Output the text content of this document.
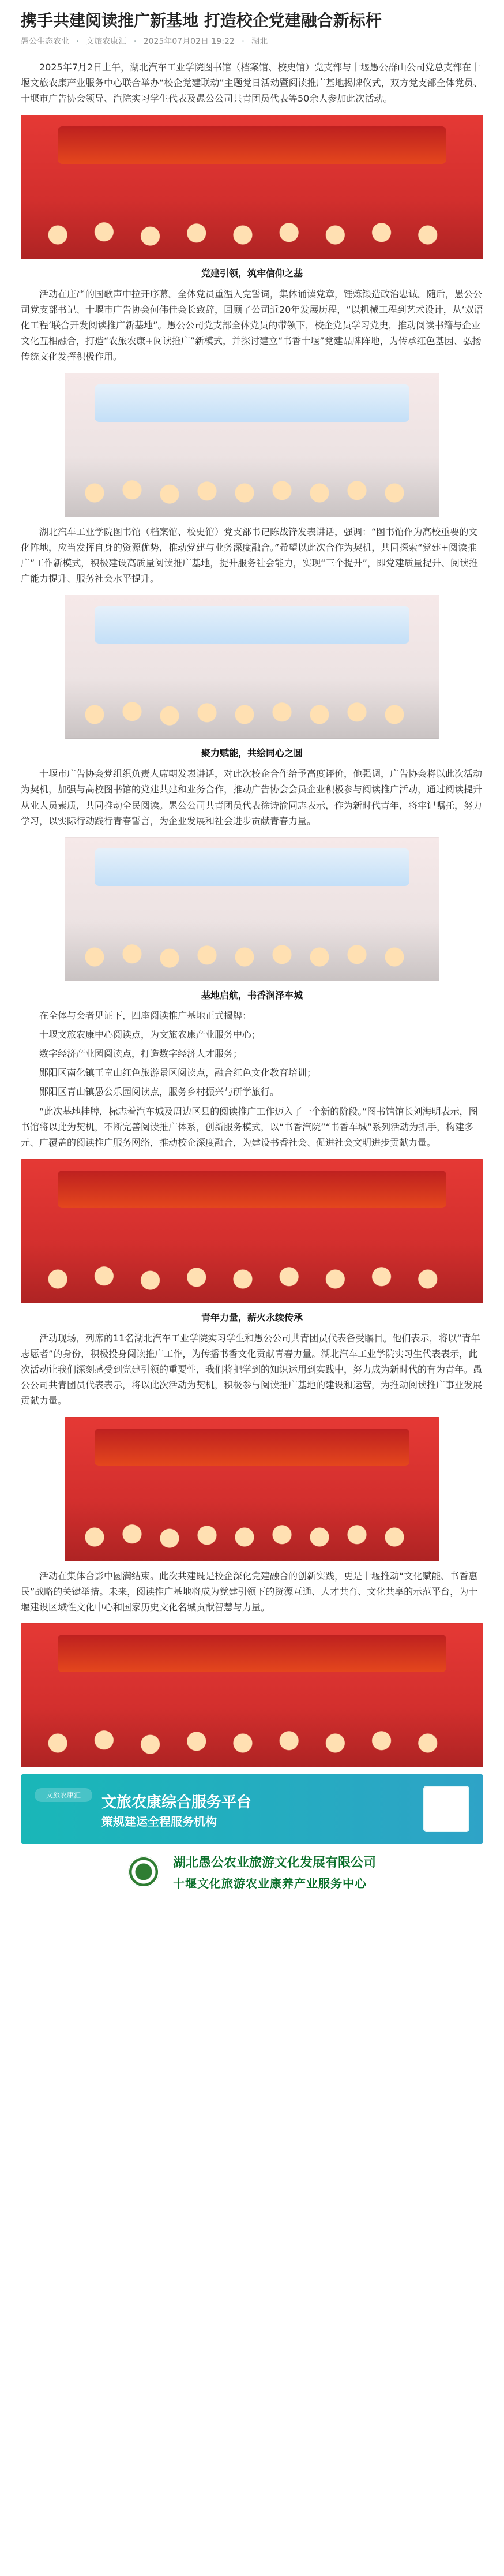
携手共建阅读推广新基地 打造校企党建融合新标杆
愚公生态农业 · 文旅农康汇 · 2025年07月02日 19:22 · 湖北

2025年7月2日上午，湖北汽车工业学院图书馆（档案馆、校史馆）党支部与十堰愚公群山公司党总支部在十堰文旅农康产业服务中心联合举办“校企党建联动”主题党日活动暨阅读推广基地揭牌仪式，双方党支部全体党员、十堰市广告协会领导、汽院实习学生代表及愚公公司共青团员代表等50余人参加此次活动。

党建引领，筑牢信仰之基

活动在庄严的国歌声中拉开序幕。全体党员重温入党誓词，集体诵读党章，锤炼锻造政治忠诚。随后，愚公公司党支部书记、十堰市广告协会何伟佳会长致辞，回顾了公司近20年发展历程，“以机械工程到艺术设计，从‘双语化工程’联合开发阅读推广新基地”。愚公公司党支部全体党员的带领下，校企党员学习党史，推动阅读书籍与企业文化互相融合，打造“农旅农康+阅读推广”新模式，并探讨建立“书香十堰”党建品牌阵地，为传承红色基因、弘扬传统文化发挥积极作用。

湖北汽车工业学院图书馆（档案馆、校史馆）党支部书记陈战锋发表讲话，强调：“图书馆作为高校重要的文化阵地，应当发挥自身的资源优势，推动党建与业务深度融合。”希望以此次合作为契机，共同探索“党建+阅读推广”工作新模式，积极建设高质量阅读推广基地，提升服务社会能力，实现“三个提升”，即党建质量提升、阅读推广能力提升、服务社会水平提升。

聚力赋能，共绘同心之圆

十堰市广告协会党组织负责人席朝发表讲话，对此次校企合作给予高度评价，他强调，广告协会将以此次活动为契机，加强与高校图书馆的党建共建和业务合作，推动广告协会会员企业积极参与阅读推广活动，通过阅读提升从业人员素质，共同推动全民阅读。愚公公司共青团员代表徐诗渝同志表示，作为新时代青年，将牢记嘱托，努力学习，以实际行动践行青春誓言，为企业发展和社会进步贡献青春力量。

基地启航，书香润泽车城

在全体与会者见证下，四座阅读推广基地正式揭牌：

十堰文旅农康中心阅读点，为文旅农康产业服务中心；

数字经济产业园阅读点，打造数字经济人才服务；

郧阳区南化镇王童山红色旅游景区阅读点，融合红色文化教育培训；

郧阳区青山镇愚公乐园阅读点，服务乡村振兴与研学旅行。

“此次基地挂牌，标志着汽车城及周边区县的阅读推广工作迈入了一个新的阶段。”图书馆馆长刘海明表示，图书馆将以此为契机，不断完善阅读推广体系，创新服务模式，以“书香汽院”“书香车城”系列活动为抓手，构建多元、广覆盖的阅读推广服务网络，推动校企深度融合，为建设书香社会、促进社会文明进步贡献力量。

青年力量，薪火永续传承

活动现场，列席的11名湖北汽车工业学院实习学生和愚公公司共青团员代表备受瞩目。他们表示，将以“青年志愿者”的身份，积极投身阅读推广工作，为传播书香文化贡献青春力量。湖北汽车工业学院实习生代表表示，此次活动让我们深刻感受到党建引领的重要性，我们将把学到的知识运用到实践中，努力成为新时代的有为青年。愚公公司共青团员代表表示，将以此次活动为契机，积极参与阅读推广基地的建设和运营，为推动阅读推广事业发展贡献力量。

活动在集体合影中圆满结束。此次共建既是校企深化党建融合的创新实践，更是十堰推动“文化赋能、书香惠民”战略的关键举措。未来，阅读推广基地将成为党建引领下的资源互通、人才共育、文化共享的示范平台，为十堰建设区域性文化中心和国家历史文化名城贡献智慧与力量。

文旅农康汇	文旅农康综合服务平台
策规建运全程服务机构
湖北愚公农业旅游文化发展有限公司
十堰文化旅游农业康养产业服务中心
